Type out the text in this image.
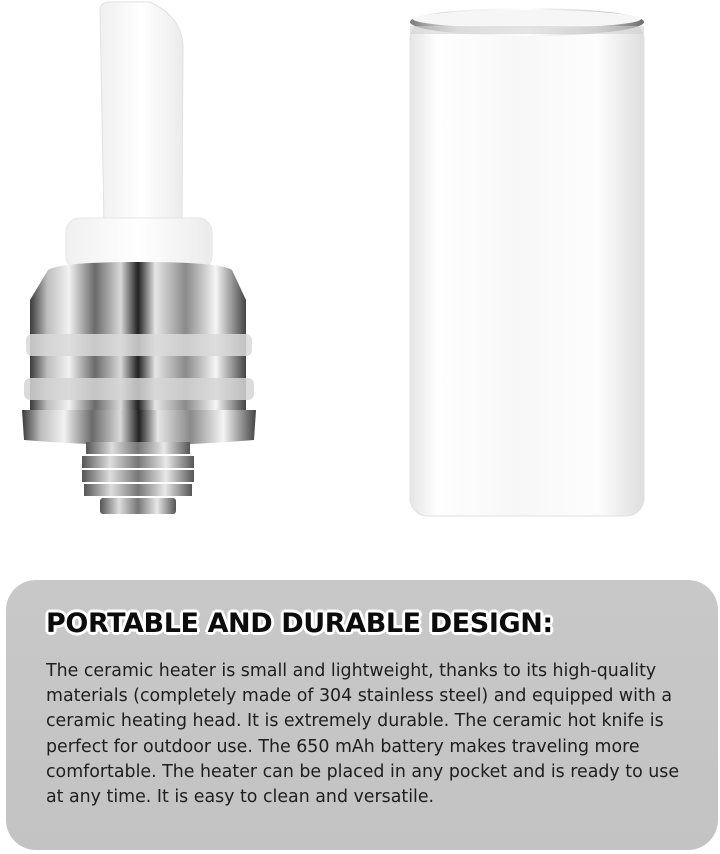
PORTABLE AND DURABLE DESIGN:

The ceramic heater is small and lightweight, thanks to its high-quality materials (completely made of 304 stainless steel) and equipped with a ceramic heating head. It is extremely durable. The ceramic hot knife is perfect for outdoor use. The 650 mAh battery makes traveling more comfortable. The heater can be placed in any pocket and is ready to use at any time. It is easy to clean and versatile.
